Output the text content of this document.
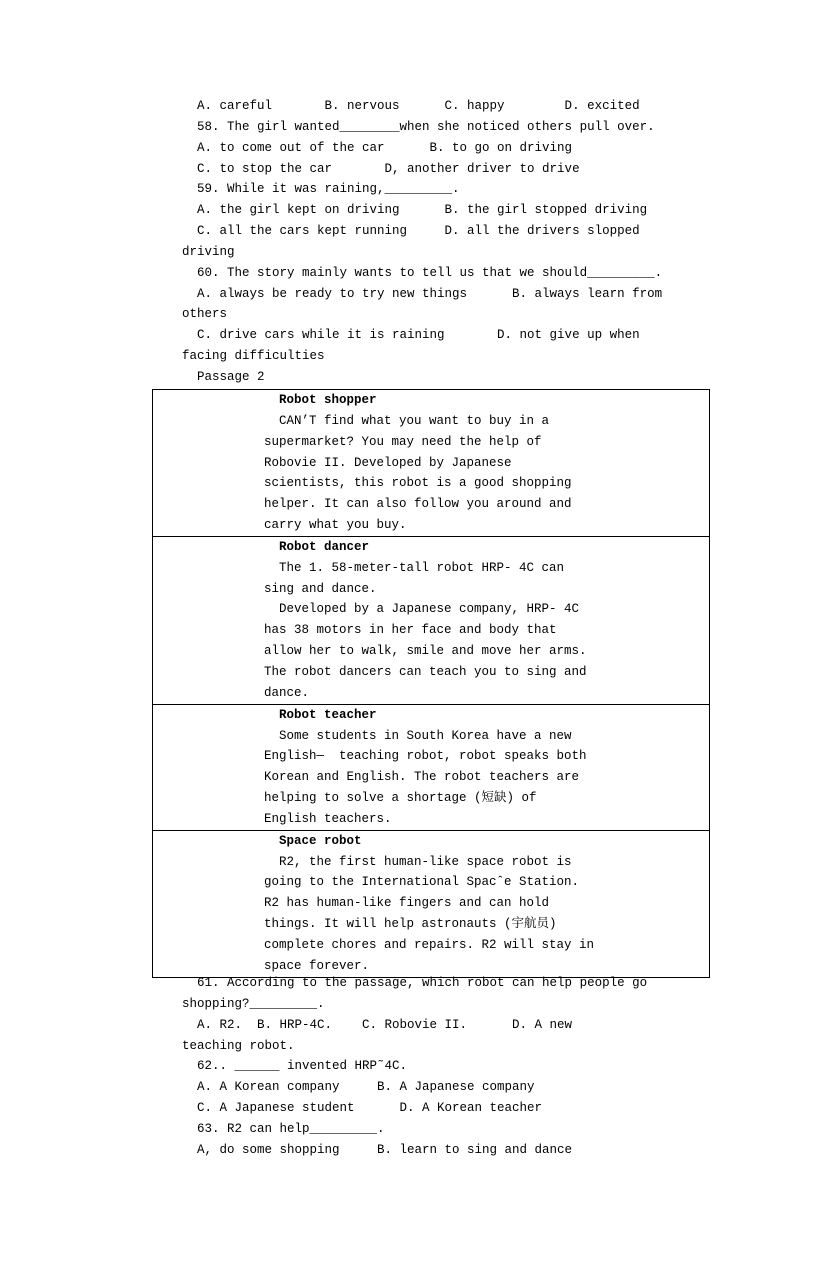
A. careful       B. nervous      C. happy        D. excited
58. The girl wanted________when she noticed others pull over.
A. to come out of the car      B. to go on driving
C. to stop the car       D, another driver to drive
59. While it was raining,_________.
A. the girl kept on driving      B. the girl stopped driving
C. all the cars kept running     D. all the drivers slopped
driving
60. The story mainly wants to tell us that we should_________.
A. always be ready to try new things      B. always learn from
others
C. drive cars while it is raining       D. not give up when
facing difficulties
Passage 2
Robot shopper
CAN’T find what you want to buy in a
supermarket? You may need the help of
Robovie II. Developed by Japanese
scientists, this robot is a good shopping
helper. It can also follow you around and
carry what you buy.

Robot dancer
The 1. 58-meter-tall robot HRP- 4C can
sing and dance.
Developed by a Japanese company, HRP- 4C
has 38 motors in her face and body that
allow her to walk, smile and move her arms.
The robot dancers can teach you to sing and
dance.

Robot teacher
Some students in South Korea have a new
English—  teaching robot, robot speaks both
Korean and English. The robot teachers are
helping to solve a shortage (短缺) of
English teachers.

Space robot
R2, the first human-like space robot is
going to the International Spacˆe Station.
R2 has human-like fingers and can hold
things. It will help astronauts (宇航员)
complete chores and repairs. R2 will stay in
space forever.
61. According to the passage, which robot can help people go
shopping?_________.
A. R2.  B. HRP-4C.    C. Robovie II.      D. A new
teaching robot.
62.. ______ invented HRP˜4C.
A. A Korean company     B. A Japanese company
C. A Japanese student      D. A Korean teacher
63. R2 can help_________.
A, do some shopping     B. learn to sing and dance
